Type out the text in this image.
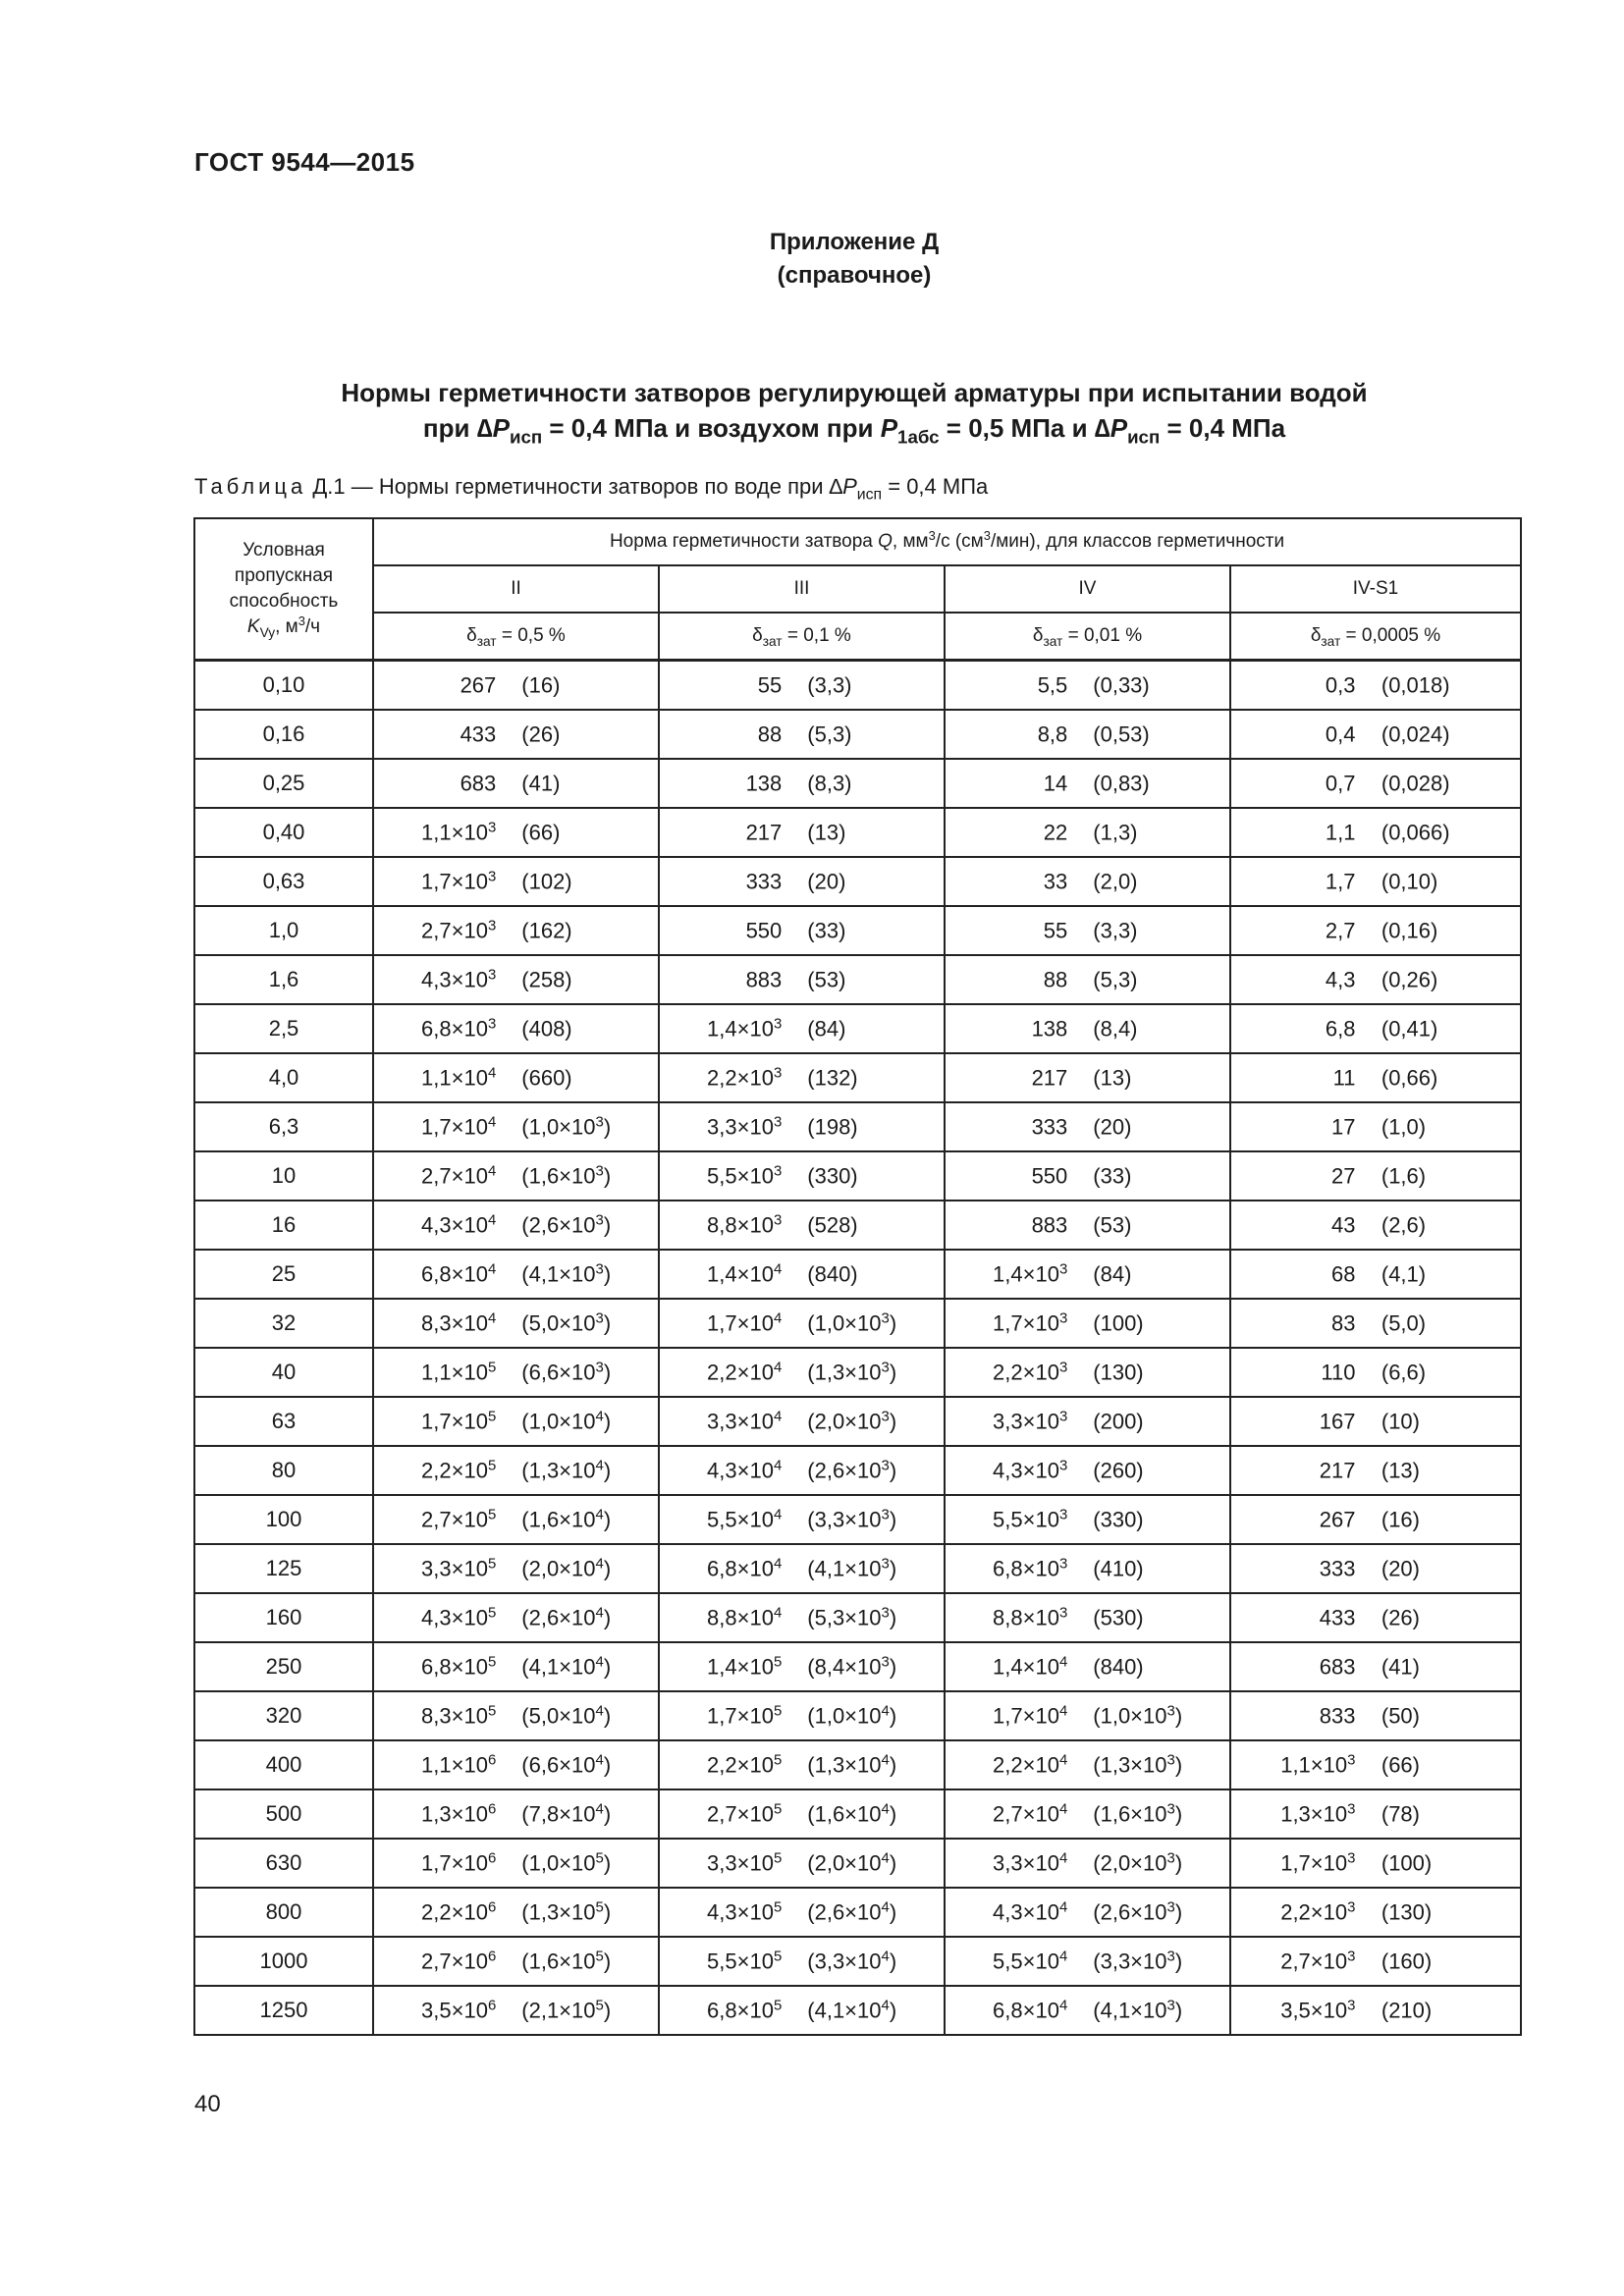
ГОСТ 9544—2015
Приложение Д
(справочное)
Нормы герметичности затворов регулирующей арматуры при испытании водой
при $\Delta P_{исп} = 0,4$ МПа и воздухом при $P_{1абс} = 0,5$ МПа и $\Delta P_{исп} = 0,4$ МПа
Таблица Д.1 — Нормы герметичности затворов по воде при $\Delta P_{исп} = 0,4$ МПа
Условная
пропускная
способность
$K_{Vy}$, $м^3/ч$	Норма герметичности затвора Q, $мм^3/с$ $(см^3/мин)$, для классов герметичности			
	II	III	IV	IV-S1
	$\delta_{зат} = 0,5$ %	$\delta_{зат} = 0,1$ %	$\delta_{зат} = 0,01$ %	$\delta_{зат} = 0,0005$ %
0,10	267 (16)	55 (3,3)	5,5 (0,33)	0,3 (0,018)

0,16	433 (26)	88 (5,3)	8,8 (0,53)	0,4 (0,024)

0,25	683 (41)	138 (8,3)	14 (0,83)	0,7 (0,028)

0,40	$1,1\times 10^3$ (66)	217 (13)	22 (1,3)	1,1 (0,066)

0,63	$1,7\times 10^3$ (102)	333 (20)	33 (2,0)	1,7 (0,10)

1,0	$2,7\times 10^3$ (162)	550 (33)	55 (3,3)	2,7 (0,16)

1,6	$4,3\times 10^3$ (258)	883 (53)	88 (5,3)	4,3 (0,26)

2,5	$6,8\times 10^3$ (408)	$1,4\times 10^3$ (84)	138 (8,4)	6,8 (0,41)

4,0	$1,1\times 10^4$ (660)	$2,2\times 10^3$ (132)	217 (13)	11 (0,66)

6,3	$1,7\times 10^4$ $(1,0\times 10^3)$	$3,3\times 10^3$ (198)	333 (20)	17 (1,0)

10	$2,7\times 10^4$ $(1,6\times 10^3)$	$5,5\times 10^3$ (330)	550 (33)	27 (1,6)

16	$4,3\times 10^4$ $(2,6\times 10^3)$	$8,8\times 10^3$ (528)	883 (53)	43 (2,6)

25	$6,8\times 10^4$ $(4,1\times 10^3)$	$1,4\times 10^4$ (840)	$1,4\times 10^3$ (84)	68 (4,1)

32	$8,3\times 10^4$ $(5,0\times 10^3)$	$1,7\times 10^4$ $(1,0\times 10^3)$	$1,7\times 10^3$ (100)	83 (5,0)

40	$1,1\times 10^5$ $(6,6\times 10^3)$	$2,2\times 10^4$ $(1,3\times 10^3)$	$2,2\times 10^3$ (130)	110 (6,6)

63	$1,7\times 10^5$ $(1,0\times 10^4)$	$3,3\times 10^4$ $(2,0\times 10^3)$	$3,3\times 10^3$ (200)	167 (10)

80	$2,2\times 10^5$ $(1,3\times 10^4)$	$4,3\times 10^4$ $(2,6\times 10^3)$	$4,3\times 10^3$ (260)	217 (13)

100	$2,7\times 10^5$ $(1,6\times 10^4)$	$5,5\times 10^4$ $(3,3\times 10^3)$	$5,5\times 10^3$ (330)	267 (16)

125	$3,3\times 10^5$ $(2,0\times 10^4)$	$6,8\times 10^4$ $(4,1\times 10^3)$	$6,8\times 10^3$ (410)	333 (20)

160	$4,3\times 10^5$ $(2,6\times 10^4)$	$8,8\times 10^4$ $(5,3\times 10^3)$	$8,8\times 10^3$ (530)	433 (26)

250	$6,8\times 10^5$ $(4,1\times 10^4)$	$1,4\times 10^5$ $(8,4\times 10^3)$	$1,4\times 10^4$ (840)	683 (41)

320	$8,3\times 10^5$ $(5,0\times 10^4)$	$1,7\times 10^5$ $(1,0\times 10^4)$	$1,7\times 10^4$ $(1,0\times 10^3)$	833 (50)

400	$1,1\times 10^6$ $(6,6\times 10^4)$	$2,2\times 10^5$ $(1,3\times 10^4)$	$2,2\times 10^4$ $(1,3\times 10^3)$	$1,1\times 10^3$ (66)

500	$1,3\times 10^6$ $(7,8\times 10^4)$	$2,7\times 10^5$ $(1,6\times 10^4)$	$2,7\times 10^4$ $(1,6\times 10^3)$	$1,3\times 10^3$ (78)

630	$1,7\times 10^6$ $(1,0\times 10^5)$	$3,3\times 10^5$ $(2,0\times 10^4)$	$3,3\times 10^4$ $(2,0\times 10^3)$	$1,7\times 10^3$ (100)

800	$2,2\times 10^6$ $(1,3\times 10^5)$	$4,3\times 10^5$ $(2,6\times 10^4)$	$4,3\times 10^4$ $(2,6\times 10^3)$	$2,2\times 10^3$ (130)

1000	$2,7\times 10^6$ $(1,6\times 10^5)$	$5,5\times 10^5$ $(3,3\times 10^4)$	$5,5\times 10^4$ $(3,3\times 10^3)$	$2,7\times 10^3$ (160)

1250	$3,5\times 10^6$ $(2,1\times 10^5)$	$6,8\times 10^5$ $(4,1\times 10^4)$	$6,8\times 10^4$ $(4,1\times 10^3)$	$3,5\times 10^3$ (210)
40
